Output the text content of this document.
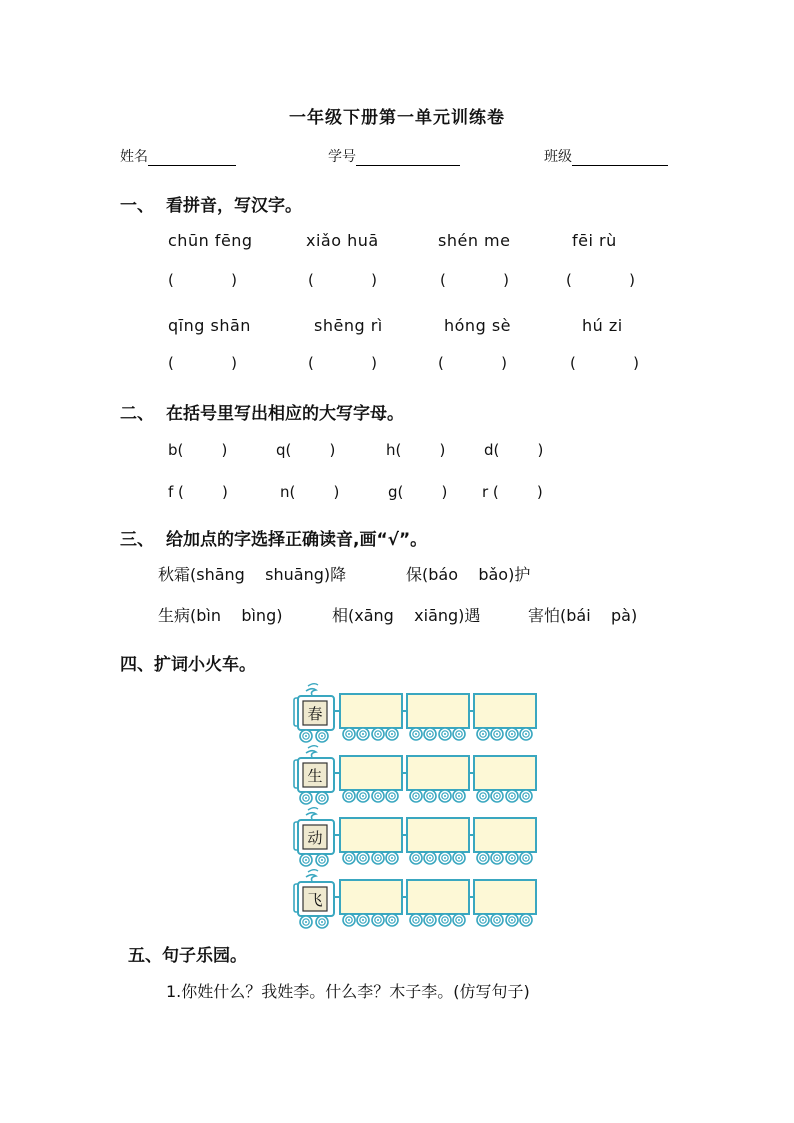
一年级下册第一单元训练卷
姓名	学号	班级
一、 看拼音，写汉字。
chūn fēng	xiǎo huā	shén me	fēi rù
(            )	(            )	(            )	(            )
qīng shān	shēng rì	hóng sè	hú zi
(            )	(            )	(            )	(            )
二、 在括号里写出相应的大写字母。
b(        )	q(        )	h(        )	d(        )
f (        )	n(        )	g(        ) r (        )
三、 给加点的字选择正确读音,画“√”。
秋霜(shāng    shuāng)降	保(báo    bǎo)护
生病(bìn    bìng)	相(xāng    xiāng)遇	害怕(bái    pà)
四、扩词小火车。
春
生
动
飞
五、句子乐园。
1.你姓什么？我姓李。什么李？木子李。(仿写句子)
